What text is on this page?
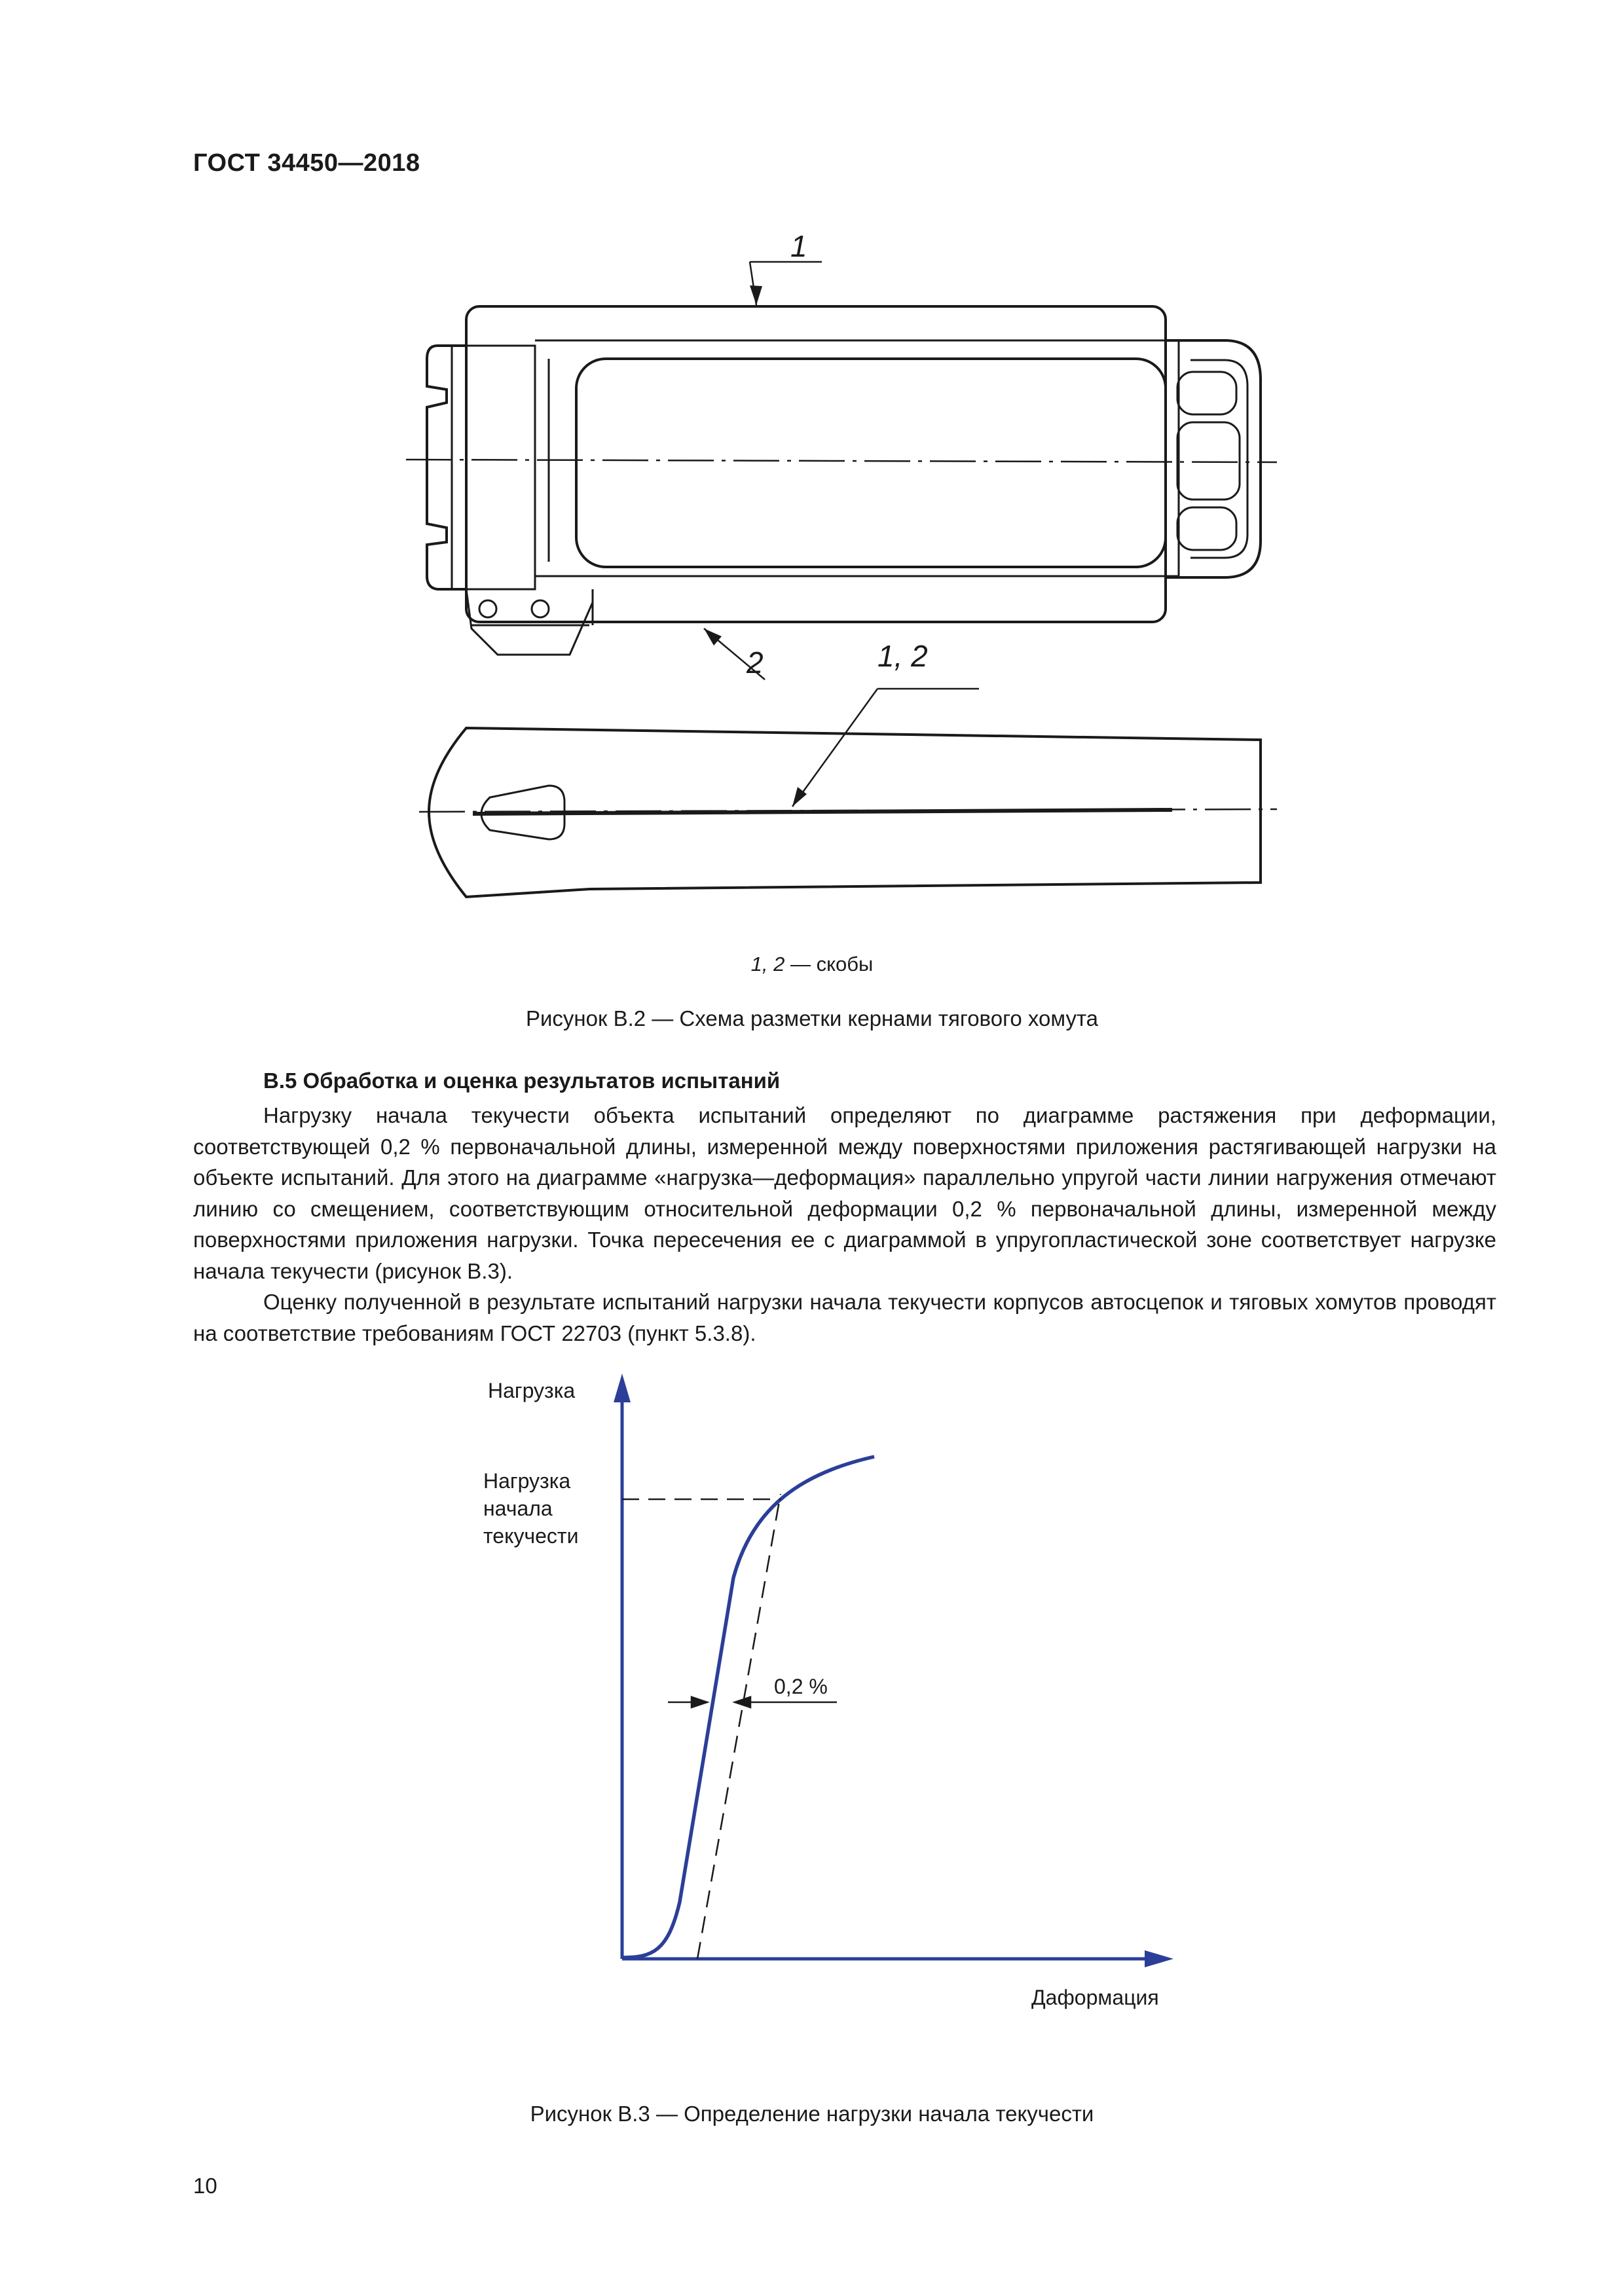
ГОСТ 34450—2018
1
2	1, 2
1, 2 — скобы
Рисунок В.2 — Схема разметки кернами тягового хомута
В.5 Обработка и оценка результатов испытаний

Нагрузку начала текучести объекта испытаний определяют по диаграмме растяжения при деформации, соответствующей 0,2 % первоначальной длины, измеренной между поверхностями приложения растягивающей нагрузки на объекте испытаний. Для этого на диаграмме «нагрузка—деформация» параллельно упругой части линии нагружения отмечают линию со смещением, соответствующим относительной деформации 0,2 % первоначальной длины, измеренной между поверхностями приложения нагрузки. Точка пересечения ее с диаграммой в упругопластической зоне соответствует нагрузке начала текучести (рисунок В.3).

Оценку полученной в результате испытаний нагрузки начала текучести корпусов автосцепок и тяговых хомутов проводят на соответствие требованиям ГОСТ 22703 (пункт 5.3.8).

Нагрузка
Нагрузка
начала
текучести
0,2 %
Даформация
Рисунок В.3 — Определение нагрузки начала текучести
10
